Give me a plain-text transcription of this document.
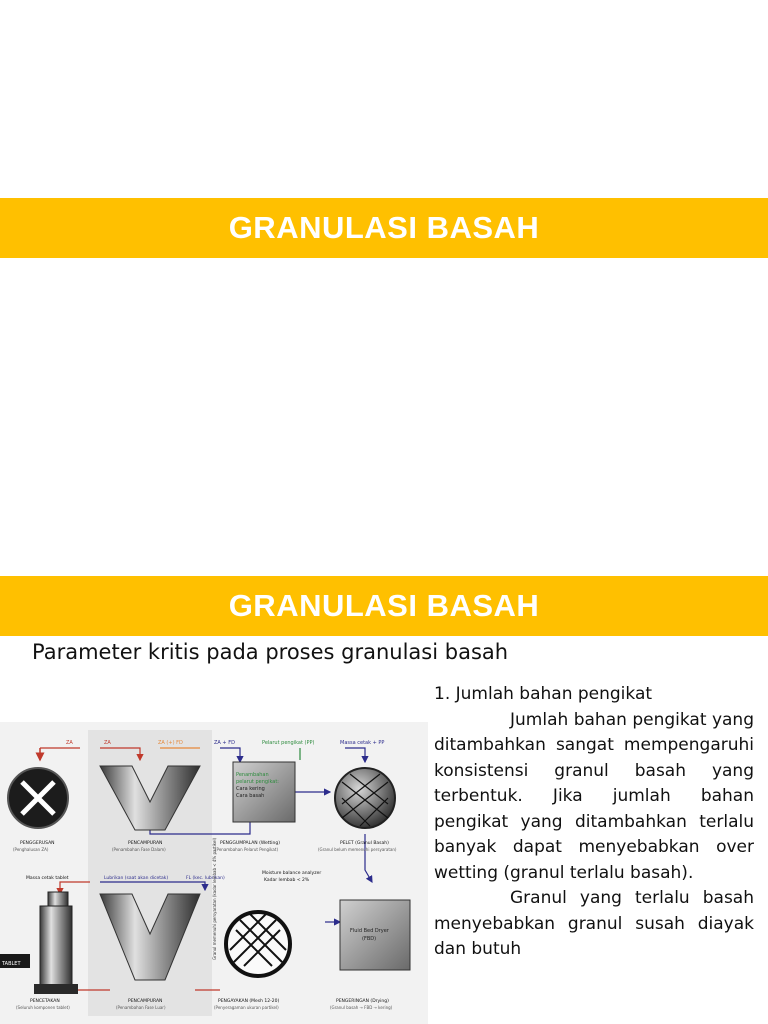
GRANULASI BASAH
GRANULASI BASAH
Parameter kritis pada proses granulasi basah
ZA	ZA	ZA (+) FD	ZA + FD	Pelarut pengikat (PP)	Massa cetak + PP
Penambahan
pelarut pengikat:
Cara kering
Cara basah
PENGGERUSAN
(Penghalusan ZA)
PENCAMPURAN
(Penambahan Fase Dalam)
PENGGUMPALAN (Wetting)
(Penambahan Pelarut Pengikat)
PELET (Granul Basah)
(Granul belum memenuhi persyaratan)
Massa cetak tablet	Lubrikan (saat akan dicetak)	FL (kec. lubrikan)
Moisture balance analyzer
Kadar lembab < 2%
TABLET
Fluid Bed Dryer
(FBD)
Granul memenuhi persyaratan (kadar lembab < 4% partikel)
PENCETAKAN
(Seluruh komponen tablet)
PENCAMPURAN
(Penambahan Fase Luar)
PENGAYAKAN (Mesh 12-20)
(Penyeragaman ukuran partikel)
PENGERINGAN (Drying)
(Granul basah → FBD → kering)

1. Jumlah bahan pengikat

Jumlah bahan pengikat yang ditambahkan sangat mempengaruhi konsistensi granul basah yang terbentuk. Jika jumlah bahan pengikat yang ditambahkan terlalu banyak dapat menyebabkan over wetting (granul terlalu basah).

Granul yang terlalu basah menyebabkan granul susah diayak dan butuh
